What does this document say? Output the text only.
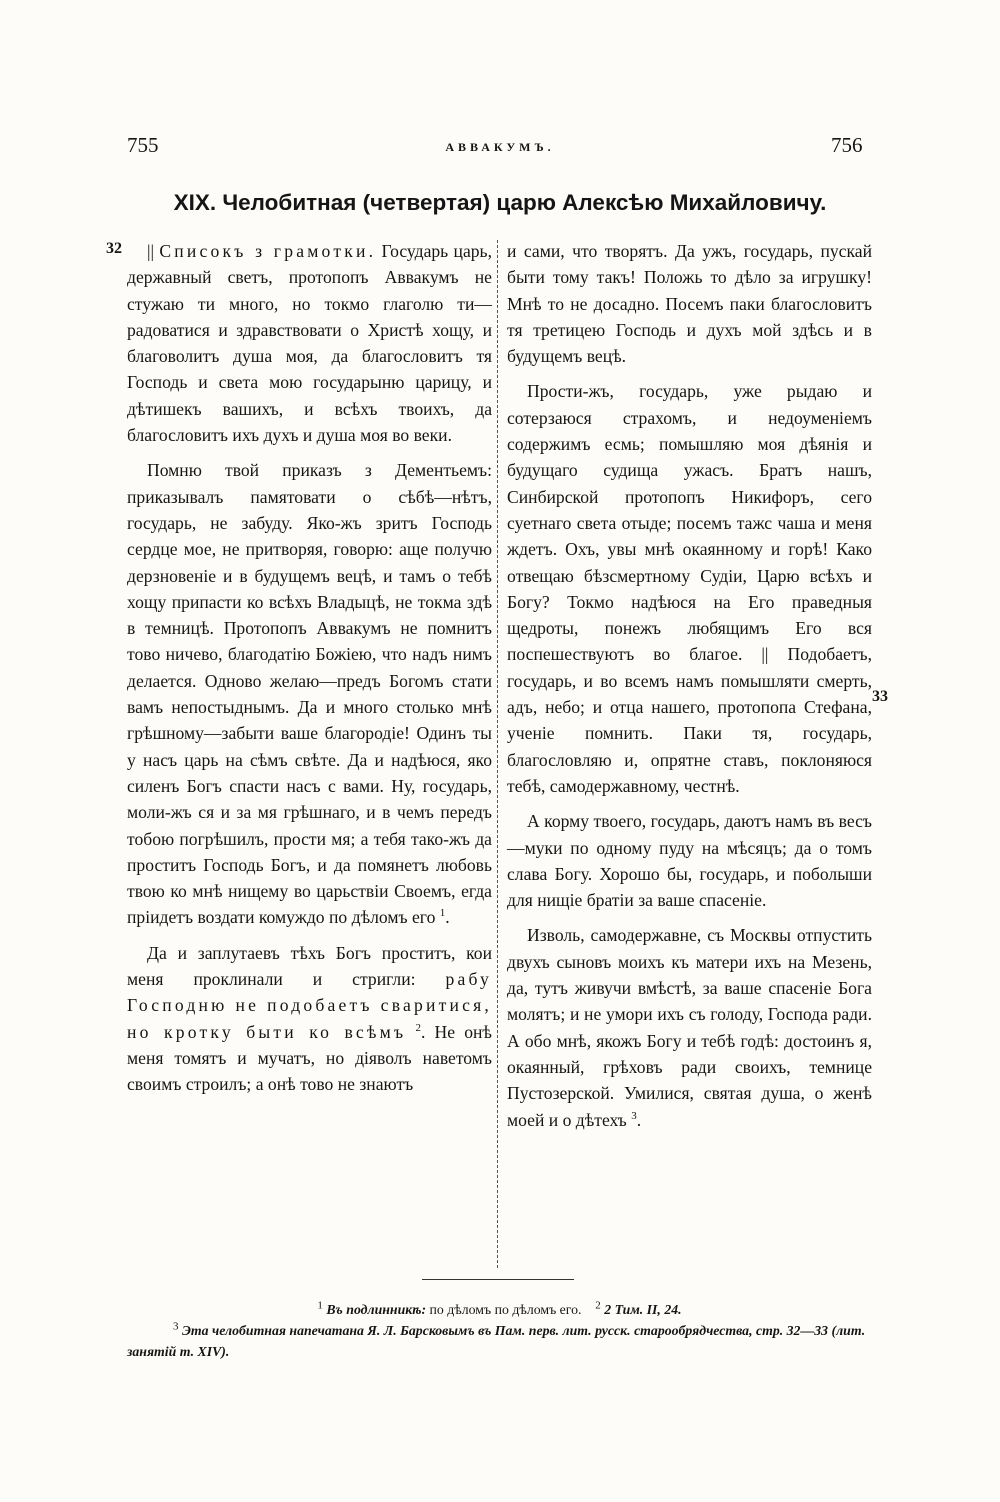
755	АВВАКУМЪ.	756
XIX. Челобитная (четвертая) царю Алексѣю Михайловичу.
32
33

|| Списокъ з грамотки. Государь царь, державный светъ, протопопъ Аввакумъ не стужаю ти много, но токмо глаголю ти—радоватися и здравствовати о Христѣ хощу, и благоволитъ душа моя, да благословитъ тя Господь и света мою государыню царицу, и дѣтишекъ вашихъ, и всѣхъ твоихъ, да благословитъ ихъ духъ и душа моя во веки.

Помню твой приказъ з Дементьемъ: приказывалъ памятовати о сѣбѣ—нѣтъ, государь, не забуду. Яко-жъ зритъ Господь сердце мое, не притворяя, говорю: аще получю дерзновеніе и в будущемъ вецѣ, и тамъ о тебѣ хощу припасти ко всѣхъ Владыцѣ, не токма здѣ в темницѣ. Протопопъ Аввакумъ не помнитъ тово ничево, благодатію Божіею, что надъ нимъ делается. Одново желаю—предъ Богомъ стати вамъ непостыднымъ. Да и много столько мнѣ грѣшному—забыти ваше благородіе! Одинъ ты у насъ царь на сѣмъ свѣте. Да и надѣюся, яко силенъ Богъ спасти насъ с вами. Ну, государь, моли-жъ ся и за мя грѣшнаго, и в чемъ передъ тобою погрѣшилъ, прости мя; а тебя тако-жъ да проститъ Господь Богъ, и да помянетъ любовь твою ко мнѣ нищему во царьствіи Своемъ, егда пріидетъ воздати комуждо по дѣломъ его $^1$.

Да и заплутаевъ тѣхъ Богъ проститъ, кои меня проклинали и стригли: рабу Господню не подобаетъ сваритися, но кротку быти ко всѣмъ $^2$. Не онѣ меня томятъ и мучатъ, но діяволъ наветомъ своимъ строилъ; а онѣ тово не знаютъ

и сами, что творятъ. Да ужъ, государь, пускай быти тому такъ! Положь то дѣло за игрушку! Мнѣ то не досадно. Посемъ паки благословитъ тя третицею Господь и духъ мой здѣсь и в будущемъ вецѣ.

Прости-жъ, государь, уже рыдаю и сотерзаюся страхомъ, и недоуменіемъ содержимъ есмь; помышляю моя дѣянія и будущаго судища ужасъ. Братъ нашъ, Синбирской протопопъ Никифоръ, сего суетнаго света отыде; посемъ тажс чаша и меня ждетъ. Охъ, увы мнѣ окаянному и горѣ! Како отвещаю бѣзсмертному Судіи, Царю всѣхъ и Богу? Токмо надѣюся на Его праведныя щедроты, понежъ любящимъ Его вся поспешествуютъ во благое. || Подобаетъ, государь, и во всемъ намъ помышляти смерть, адъ, небо; и отца нашего, протопопа Стефана, ученіе помнить. Паки тя, государь, благословляю и, опрятне ставъ, поклоняюся тебѣ, самодержавному, честнѣ.

А корму твоего, государь, даютъ намъ въ весъ—муки по одному пуду на мѣсяцъ; да о томъ слава Богу. Хорошо бы, государь, и поболыши для нищіе братіи за ваше спасеніе.

Изволь, самодержавне, съ Москвы отпустить двухъ сыновъ моихъ къ матери ихъ на Мезень, да, тутъ живучи вмѣстѣ, за ваше спасеніе Бога молятъ; и не умори ихъ съ голоду, Господа ради. А обо мнѣ, якожъ Богу и тебѣ годѣ: достоинъ я, окаянный, грѣховъ ради своихъ, темнице Пустозерской. Умилися, святая душа, о женѣ моей и о дѣтехъ $^3$.

$^1$ Въ подлинникѣ: по дѣломъ по дѣломъ его. $^2$ 2 Тим. II, 24.
$^3$ Эта челобитная напечатана Я. Л. Барсковымъ въ Пам. перв. лит. русск. старообрядчества, стр. 32—33 (лит. занятій т. XIV).
